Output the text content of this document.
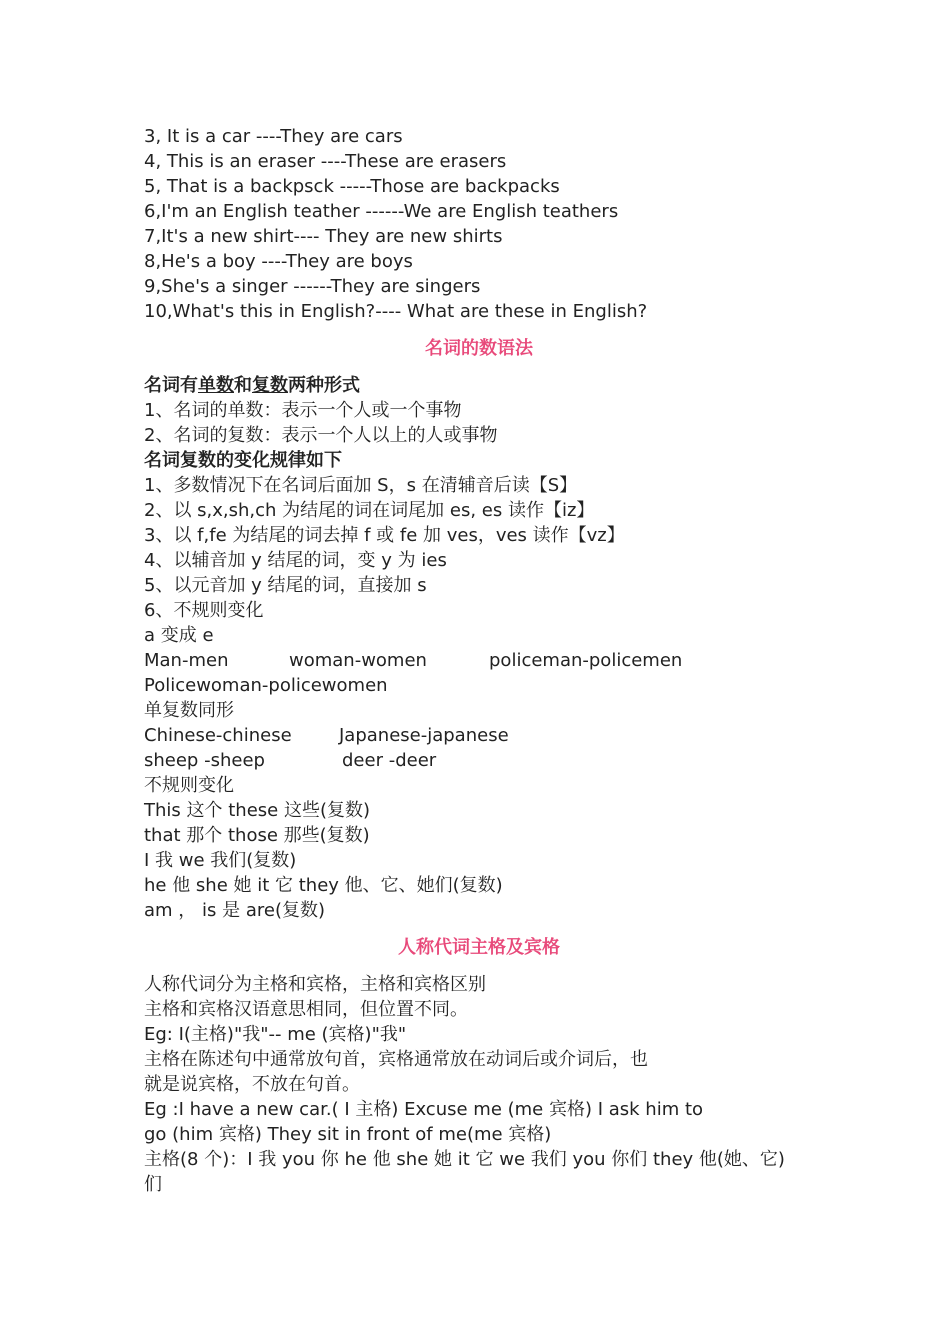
3, It is a car ----They are cars
4, This is an eraser ----These are erasers
5, That is a backpsck -----Those are backpacks
6,I'm an English teather ------We are English teathers
7,It's a new shirt---- They are new shirts
8,He's a boy ----They are boys
9,She's a singer ------They are singers
10,What's this in English?---- What are these in English?
名词的数语法
名词有单数和复数两种形式
1、名词的单数：表示一个人或一个事物
2、名词的复数：表示一个人以上的人或事物
名词复数的变化规律如下
1、多数情况下在名词后面加 S，s 在清辅音后读【S】
2、以 s,x,sh,ch 为结尾的词在词尾加 es, es 读作【iz】
3、以 f,fe 为结尾的词去掉 f 或 fe 加 ves，ves 读作【vz】
4、以辅音加 y 结尾的词，变 y 为 ies
5、以元音加 y 结尾的词，直接加 s
6、不规则变化
a 变成 e
Man-men	woman-women	policeman-policemen
Policewoman-policewomen
单复数同形
Chinese-chinese	Japanese-japanese
sheep -sheep	deer -deer
不规则变化
This 这个 these 这些(复数)
that 那个 those 那些(复数)
I 我 we 我们(复数)
he 他 she 她 it 它 they 他、它、她们(复数)
am ， is 是 are(复数)
人称代词主格及宾格
人称代词分为主格和宾格，主格和宾格区别
主格和宾格汉语意思相同，但位置不同。
Eg: I(主格)"我"-- me (宾格)"我"
主格在陈述句中通常放句首，宾格通常放在动词后或介词后，也
就是说宾格，不放在句首。
Eg :I have a new car.( I 主格) Excuse me (me 宾格) I ask him to
go (him 宾格) They sit in front of me(me 宾格)
主格(8 个)：I 我 you 你 he 他 she 她 it 它 we 我们 you 你们 they 他(她、它)
们
